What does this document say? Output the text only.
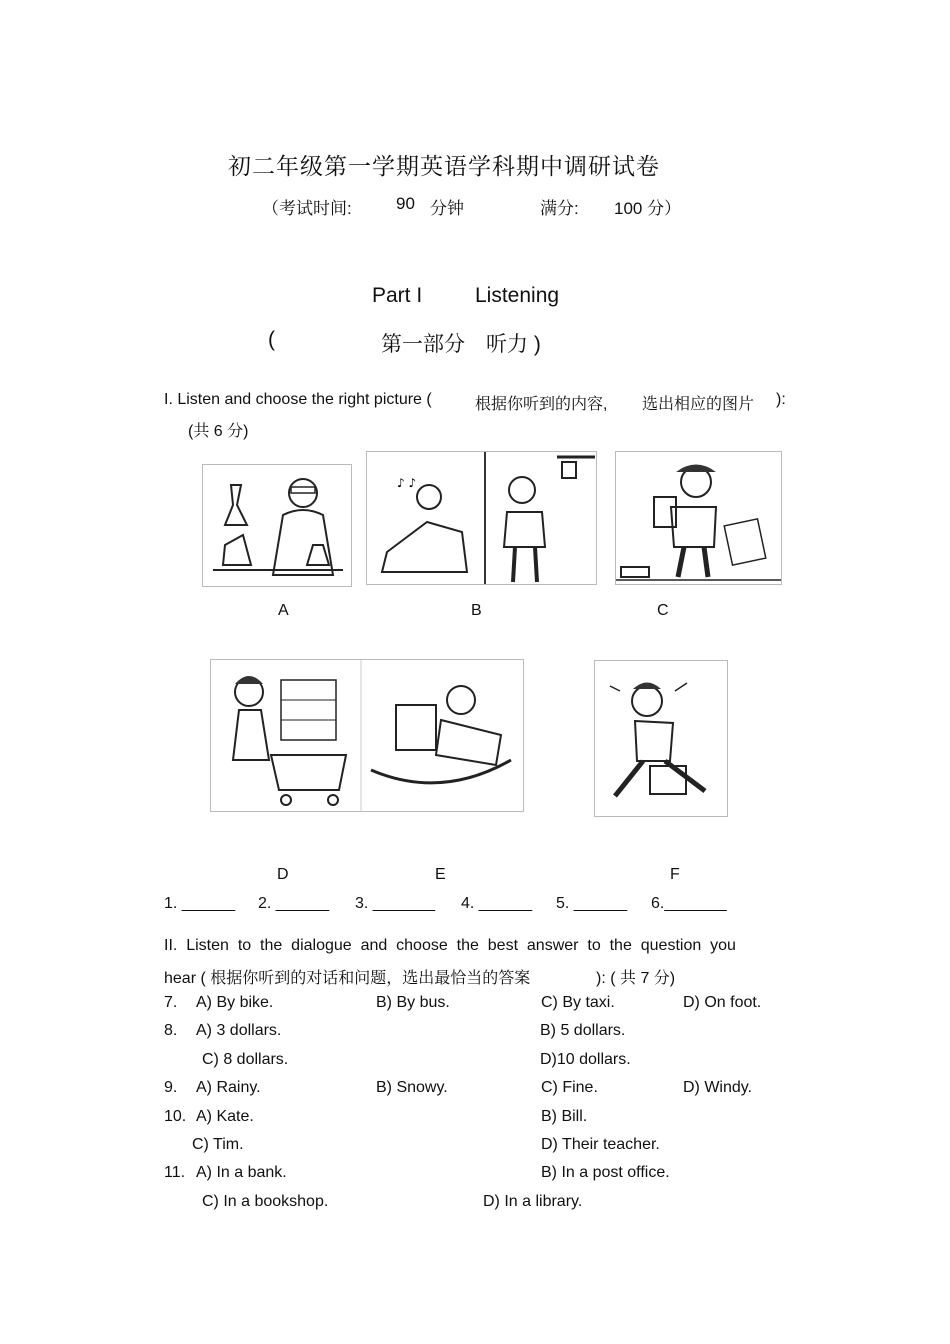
初二年级第一学期英语学科期中调研试卷
（考试时间:	90 分钟	满分: 100 分）
Part I	Listening
(	第一部分　听力 )
I. Listen and choose the right picture (	根据你听到的内容, 选出相应的图片 ):
(共 6 分)
♪ ♪
A	B	C
D	E	F
1. ______ 2. ______ 3. _______ 4. ______ 5. ______ 6._______
II.  Listen  to  the  dialogue  and  choose  the  best  answer  to  the  question  you
hear ( 根据你听到的对话和问题，选出最恰当的答案	): ( 共 7 分)
7. A) By bike.	B) By bus.	C) By taxi.	D) On foot.
8. A) 3 dollars.	B) 5 dollars.
C) 8 dollars.	D)10 dollars.
9. A) Rainy.	B) Snowy.	C) Fine.	D) Windy.
10. A) Kate.	B) Bill.
C) Tim.	D) Their teacher.
11. A) In a bank.	B) In a post office.
C) In a bookshop.	D) In a library.
